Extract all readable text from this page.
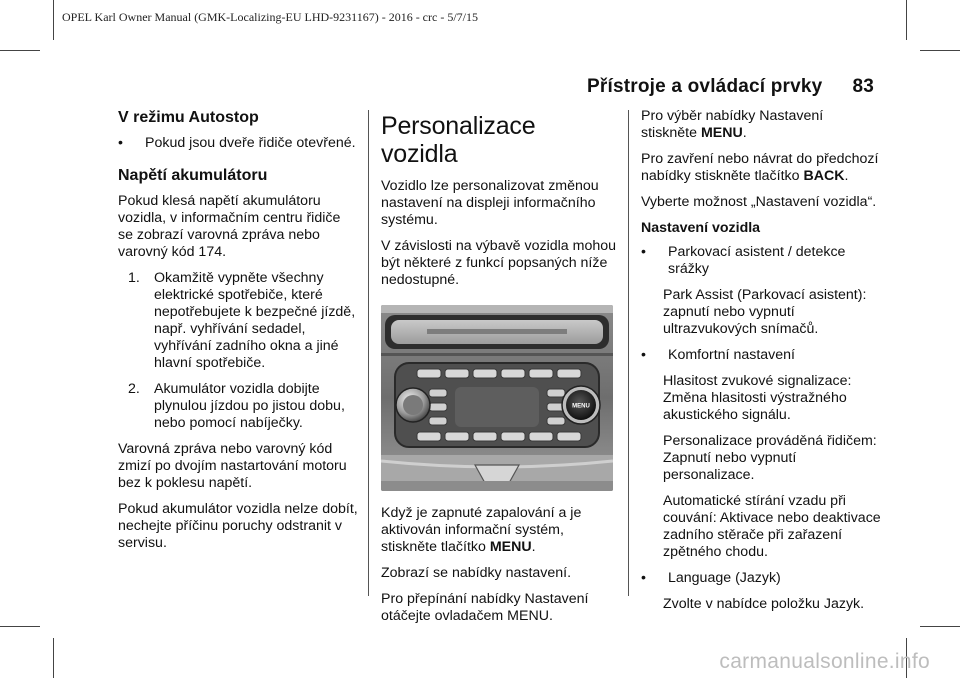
OPEL Karl Owner Manual (GMK-Localizing-EU LHD-9231167) - 2016 - crc - 5/7/15
Přístroje a ovládací prvky 83
V režimu Autostop
• Pokud jsou dveře řidiče otevřené.
Napětí akumulátoru

Pokud klesá napětí akumulátoru vozidla, v informačním centru řidiče se zobrazí varovná zpráva nebo varovný kód 174.

1. Okamžitě vypněte všechny elektrické spotřebiče, které nepotřebujete k bezpečné jízdě, např. vyhřívání sedadel, vyhřívání zadního okna a jiné hlavní spotřebiče.
2. Akumulátor vozidla dobijte plynulou jízdou po jistou dobu, nebo pomocí nabíječky.

Varovná zpráva nebo varovný kód zmizí po dvojím nastartování motoru bez k poklesu napětí.

Pokud akumulátor vozidla nelze dobít, nechejte příčinu poruchy odstranit v servisu.

Personalizace vozidla

Vozidlo lze personalizovat změnou nastavení na displeji informačního systému.

V závislosti na výbavě vozidla mohou být některé z funkcí popsaných níže nedostupné.

MENU

Když je zapnuté zapalování a je aktivován informační systém, stiskněte tlačítko MENU.

Zobrazí se nabídky nastavení.

Pro přepínání nabídky Nastavení otáčejte ovladačem MENU.

Pro výběr nabídky Nastavení stiskněte MENU.

Pro zavření nebo návrat do předchozí nabídky stiskněte tlačítko BACK.

Vyberte možnost „Nastavení vozidla“.

Nastavení vozidla
• Parkovací asistent / detekce srážky
Park Assist (Parkovací asistent): zapnutí nebo vypnutí ultrazvukových snímačů.
• Komfortní nastavení
Hlasitost zvukové signalizace: Změna hlasitosti výstražného akustického signálu.
Personalizace prováděná řidičem: Zapnutí nebo vypnutí personalizace.
Automatické stírání vzadu při couvání: Aktivace nebo deaktivace zadního stěrače při zařazení zpětného chodu.
• Language (Jazyk)
Zvolte v nabídce položku Jazyk.
carmanualsonline.info
